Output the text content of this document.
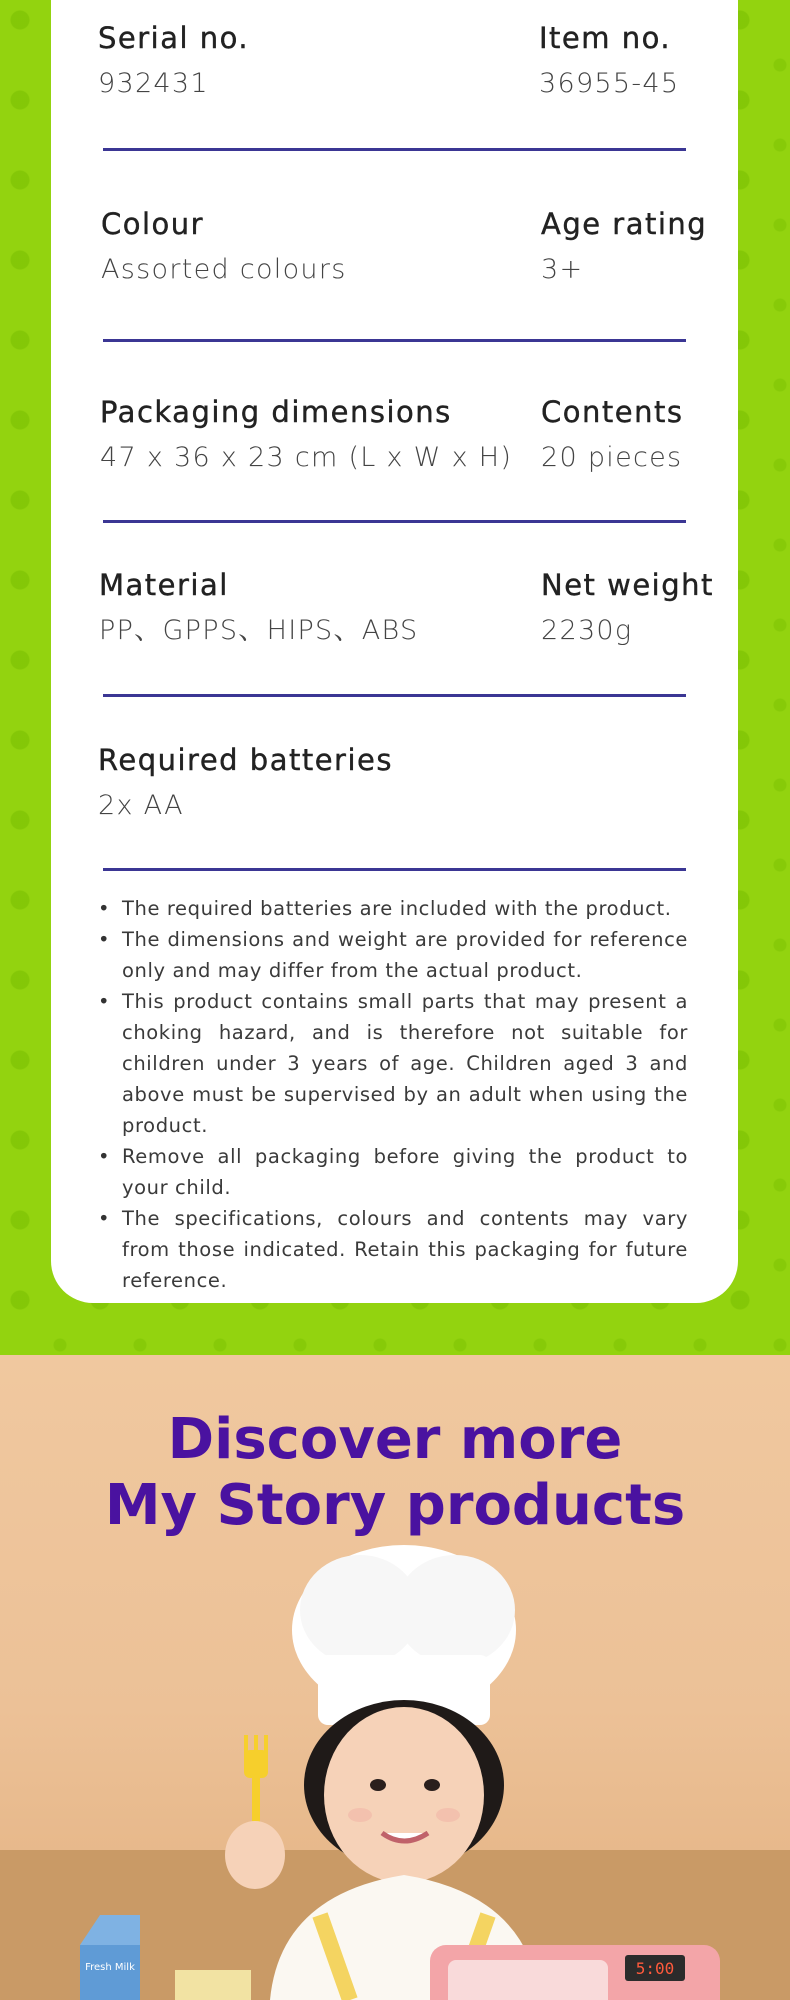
Serial no.
932431
Item no.
36955-45
Colour
Assorted colours
Age rating
3+
Packaging dimensions
47 x 36 x 23 cm (L x W x H)
Contents
20 pieces
Material
PP、GPPS、HIPS、ABS
Net weight
2230g
Required batteries
2x AA
• The required batteries are included with the product.
• The dimensions and weight are provided for reference only and may differ from the actual product.
• This product contains small parts that may present a choking hazard, and is therefore not suitable for children under 3 years of age. Children aged 3 and above must be supervised by an adult when using the product.
• Remove all packaging before giving the product to your child.
• The specifications, colours and contents may vary from those indicated. Retain this packaging for future reference.
Discover more
My Story products
Fresh Milk	5:00
